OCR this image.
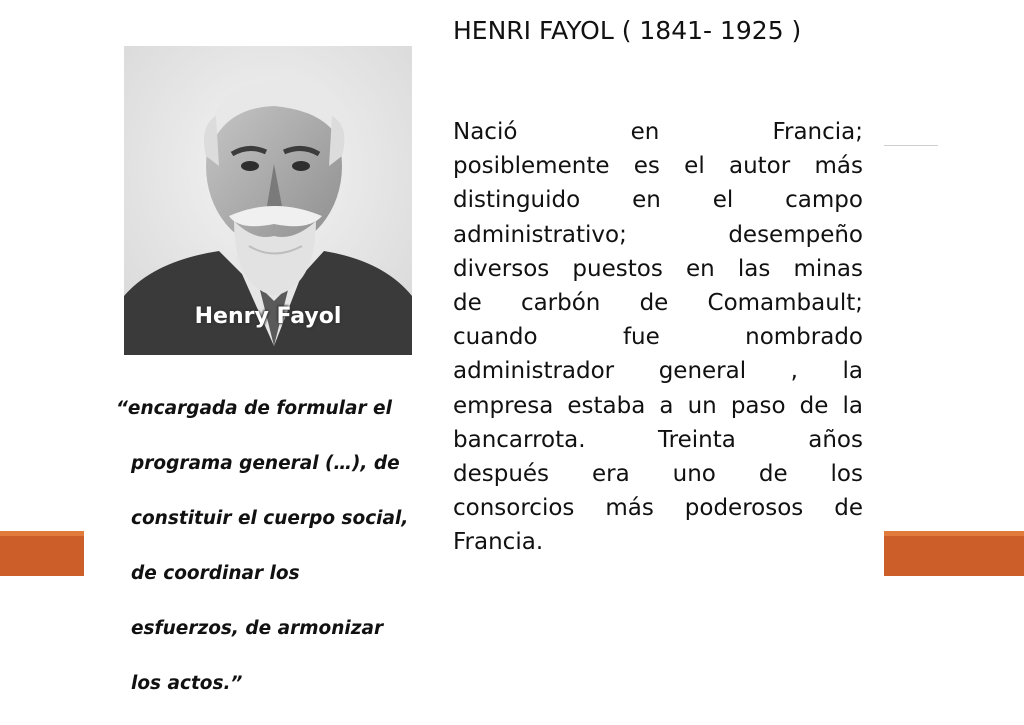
Henry Fayol

“encargada de formular el

programa general (…), de

constituir el cuerpo social,

de coordinar los

esfuerzos, de armonizar

los actos.”

HENRI FAYOL ( 1841- 1925 )
Nació	en	Francia;
posiblemente es el autor más
distinguido en el campo
administrativo;	desempeño
diversos puestos en las minas
de carbón de Comambault;
cuando	fue	nombrado
administrador general , la
empresa estaba a un paso de la
bancarrota.	Treinta	años
después era uno de los
consorcios más poderosos de
Francia.
